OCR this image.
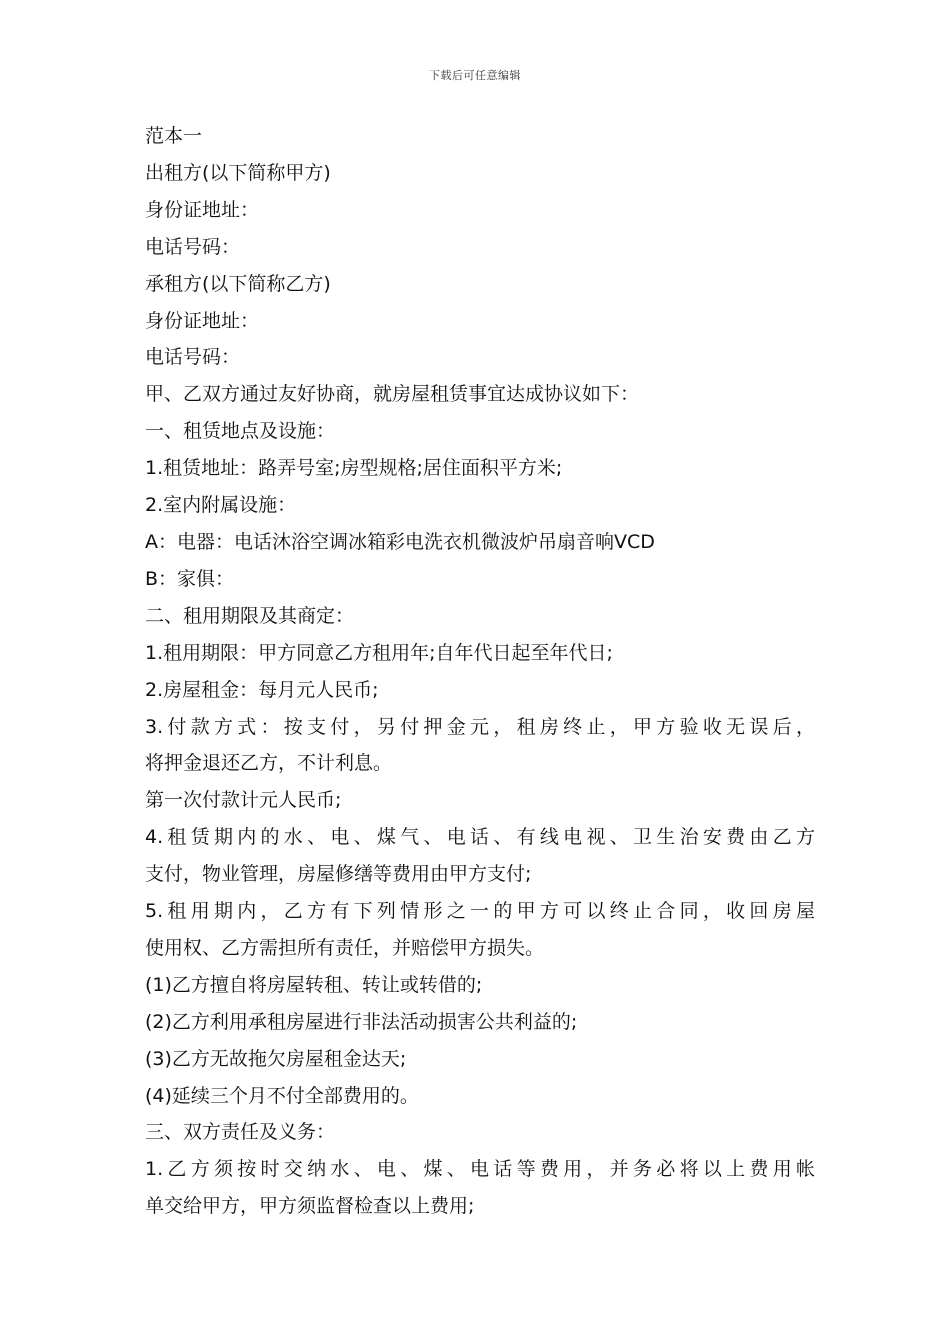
下载后可任意编辑
范本一
出租方(以下简称甲方)
身份证地址：
电话号码：
承租方(以下简称乙方)
身份证地址：
电话号码：
甲、乙双方通过友好协商，就房屋租赁事宜达成协议如下：
一、租赁地点及设施：
1.租赁地址：路弄号室;房型规格;居住面积平方米;
2.室内附属设施：
A：电器：电话沐浴空调冰箱彩电洗衣机微波炉吊扇音响VCD
B：家俱：
二、租用期限及其商定：
1.租用期限：甲方同意乙方租用年;自年代日起至年代日;
2.房屋租金：每月元人民币;
3.付款方式：按支付，另付押金元，租房终止，甲方验收无误后，
将押金退还乙方，不计利息。
第一次付款计元人民币;
4.租赁期内的水、电、煤气、电话、有线电视、卫生治安费由乙方
支付，物业管理，房屋修缮等费用由甲方支付;
5.租用期内，乙方有下列情形之一的甲方可以终止合同，收回房屋
使用权、乙方需担所有责任，并赔偿甲方损失。
(1)乙方擅自将房屋转租、转让或转借的;
(2)乙方利用承租房屋进行非法活动损害公共利益的;
(3)乙方无故拖欠房屋租金达天;
(4)延续三个月不付全部费用的。
三、双方责任及义务：
1.乙方须按时交纳水、电、煤、电话等费用，并务必将以上费用帐
单交给甲方，甲方须监督检查以上费用;
